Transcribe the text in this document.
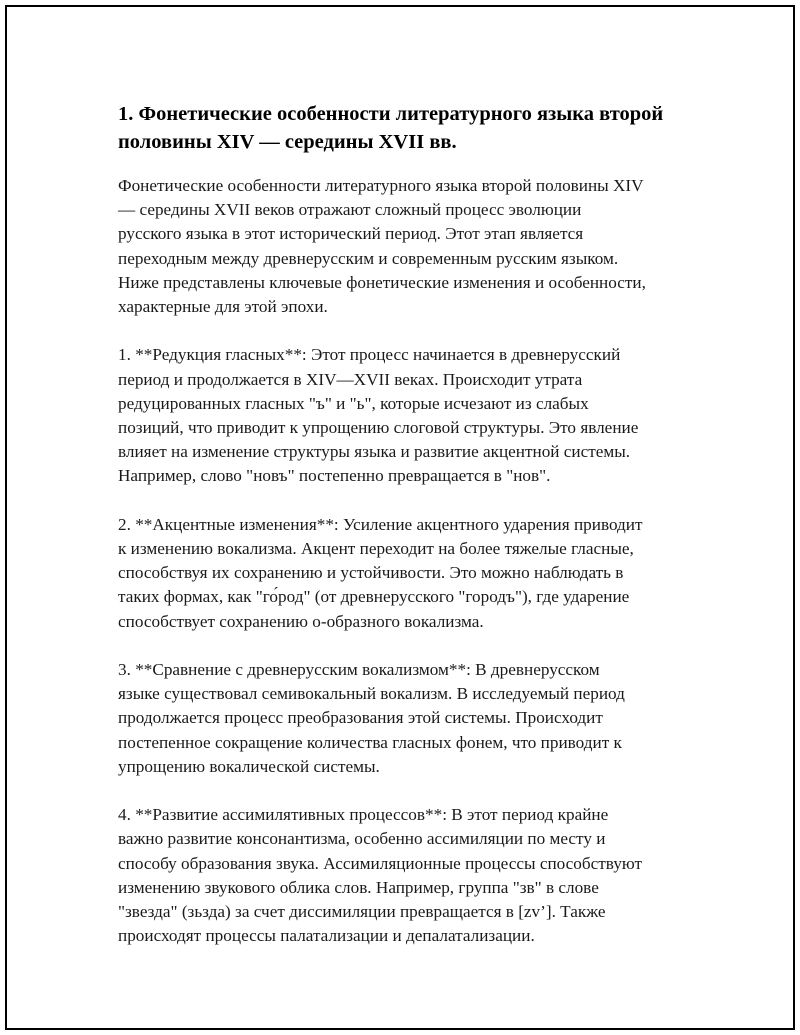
1. Фонетические особенности литературного языка второй половины XIV — середины XVII вв.
Фонетические особенности литературного языка второй половины XIV
— середины XVII веков отражают сложный процесс эволюции
русского языка в этот исторический период. Этот этап является
переходным между древнерусским и современным русским языком.
Ниже представлены ключевые фонетические изменения и особенности,
характерные для этой эпохи.
1. **Редукция гласных**: Этот процесс начинается в древнерусский
период и продолжается в XIV—XVII веках. Происходит утрата
редуцированных гласных "ъ" и "ь", которые исчезают из слабых
позиций, что приводит к упрощению слоговой структуры. Это явление
влияет на изменение структуры языка и развитие акцентной системы.
Например, слово "новъ" постепенно превращается в "нов".
2. **Акцентные изменения**: Усиление акцентного ударения приводит
к изменению вокализма. Акцент переходит на более тяжелые гласные,
способствуя их сохранению и устойчивости. Это можно наблюдать в
таких формах, как "го́род" (от древнерусского "городъ"), где ударение
способствует сохранению о-образного вокализма.
3. **Сравнение с древнерусским вокализмом**: В древнерусском
языке существовал семивокальный вокализм. В исследуемый период
продолжается процесс преобразования этой системы. Происходит
постепенное сокращение количества гласных фонем, что приводит к
упрощению вокалической системы.
4. **Развитие ассимилятивных процессов**: В этот период крайне
важно развитие консонантизма, особенно ассимиляции по месту и
способу образования звука. Ассимиляционные процессы способствуют
изменению звукового облика слов. Например, группа "зв" в слове
"звезда" (зьзда) за счет диссимиляции превращается в [zv’]. Также
происходят процессы палатализации и депалатализации.
